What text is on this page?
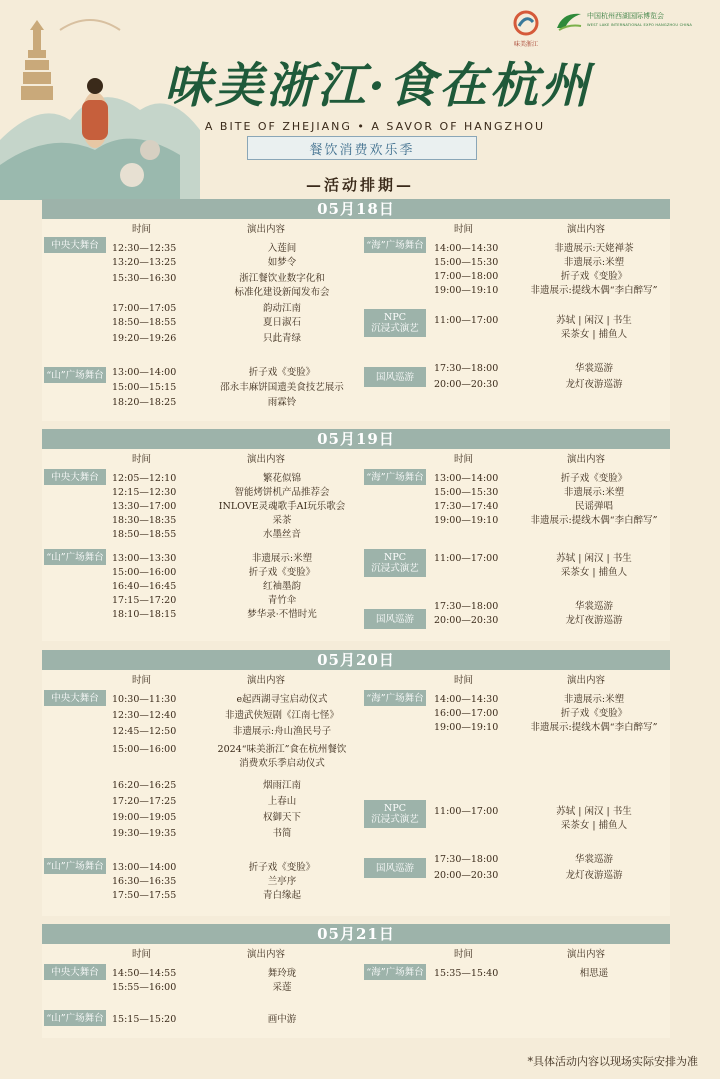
味美浙江
中国杭州西湖国际博览会
WEST LAKE INTERNATIONAL EXPO HANGZHOU CHINA
味美浙江·食在杭州
A BITE OF ZHEJIANG • A SAVOR OF HANGZHOU
餐饮消费欢乐季
—活动排期—
05月18日
时间	演出内容
中央大舞台	12:30—12:35	入莲间
13:20—13:25	如梦令
15:30—16:30	浙江餐饮业数字化和
标准化建设新闻发布会
17:00—17:05	韵动江南
18:50—18:55	夏日淑石
19:20—19:26	只此青绿
“山”广场舞台 13:00—14:00	折子戏《变脸》
15:00—15:15	邵永丰麻饼国遗美食技艺展示
18:20—18:25	雨霖铃
时间	演出内容
“海”广场舞台 14:00—14:30	非遗展示:天姥禅茶
15:00—15:30	非遗展示:米塑
17:00—18:00	折子戏《变脸》
19:00—19:10	非遗展示:提线木偶“李白醉写”
NPC
沉浸式演艺
11:00—17:00	苏轼 | 闲汉 | 书生
采茶女 | 捕鱼人
国风巡游
17:30—18:00	华裳巡游
20:00—20:30	龙灯夜游巡游
05月19日
时间	演出内容
中央大舞台	12:05—12:10	繁花似锦
12:15—12:30	智能烤饼机产品推荐会
13:30—17:00	INLOVE灵魂歌手AI玩乐歌会
18:30—18:35	采茶
18:50—18:55	水墨丝音
“山”广场舞台 13:00—13:30	非遗展示:米塑
15:00—16:00	折子戏《变脸》
16:40—16:45	红袖墨韵
17:15—17:20	青竹伞
18:10—18:15	梦华录·不惜时光
时间	演出内容
“海”广场舞台 13:00—14:00	折子戏《变脸》
15:00—15:30	非遗展示:米塑
17:30—17:40	民谣弹唱
19:00—19:10	非遗展示:提线木偶“李白醉写”
NPC
沉浸式演艺
11:00—17:00	苏轼 | 闲汉 | 书生
采茶女 | 捕鱼人
国风巡游
17:30—18:00	华裳巡游
20:00—20:30	龙灯夜游巡游
05月20日
时间	演出内容
中央大舞台	10:30—11:30	e起西湖寻宝启动仪式
12:30—12:40	非遗武侠短剧《江南七怪》
12:45—12:50	非遗展示:舟山渔民号子
15:00—16:00	2024“味美浙江”食在杭州餐饮
消费欢乐季启动仪式
16:20—16:25	烟雨江南
17:20—17:25	上春山
19:00—19:05	权御天下
19:30—19:35	书简
“山”广场舞台 13:00—14:00	折子戏《变脸》
16:30—16:35	兰亭序
17:50—17:55	青白缘起
时间	演出内容
“海”广场舞台 14:00—14:30	非遗展示:米塑
16:00—17:00	折子戏《变脸》
19:00—19:10	非遗展示:提线木偶“李白醉写”
NPC
沉浸式演艺
11:00—17:00	苏轼 | 闲汉 | 书生
采茶女 | 捕鱼人
国风巡游
17:30—18:00	华裳巡游
20:00—20:30	龙灯夜游巡游
05月21日
时间	演出内容
中央大舞台	14:50—14:55	舞玲珑
15:55—16:00	采莲
“山”广场舞台 15:15—15:20	画中游
时间	演出内容
“海”广场舞台 15:35—15:40	相思遥
*具体活动内容以现场实际安排为准
